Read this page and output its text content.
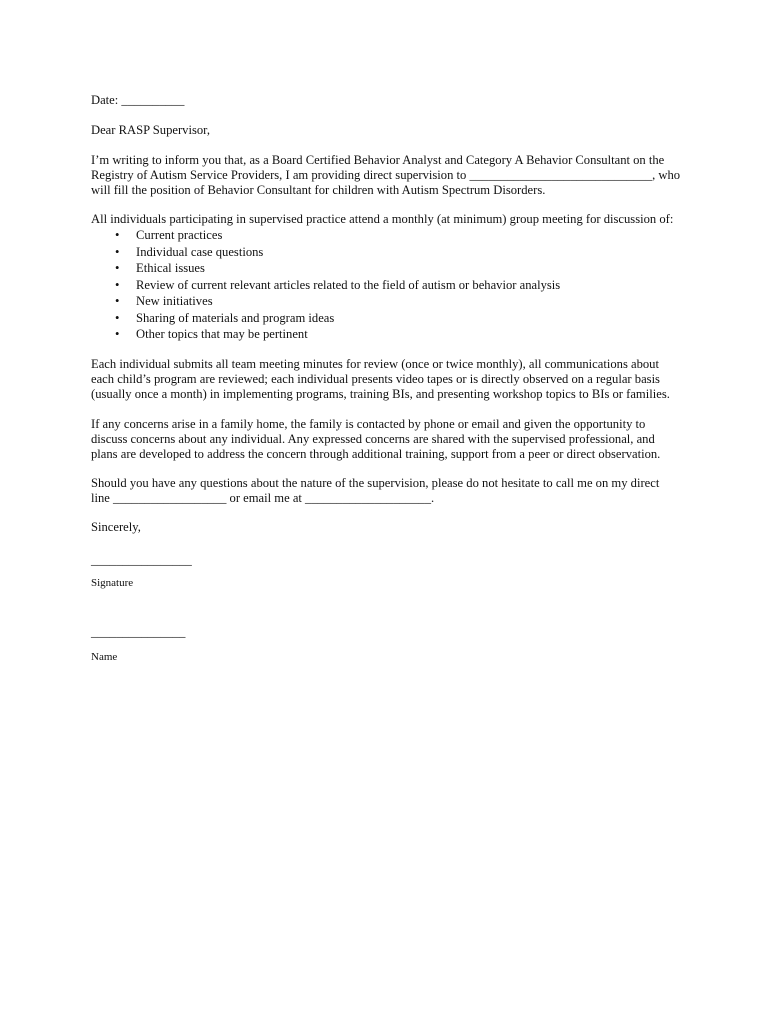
Date: __________
Dear RASP Supervisor,
I’m writing to inform you that, as a Board Certified Behavior Analyst and Category A Behavior Consultant on the
Registry of Autism Service Providers, I am providing direct supervision to _____________________________, who
will fill the position of Behavior Consultant for children with Autism Spectrum Disorders.
All individuals participating in supervised practice attend a monthly (at minimum) group meeting for discussion of:
• Current practices
• Individual case questions
• Ethical issues
• Review of current relevant articles related to the field of autism or behavior analysis
• New initiatives
• Sharing of materials and program ideas
• Other topics that may be pertinent
Each individual submits all team meeting minutes for review (once or twice monthly), all communications about
each child’s program are reviewed; each individual presents video tapes or is directly observed on a regular basis
(usually once a month) in implementing programs, training BIs, and presenting workshop topics to BIs or families.
If any concerns arise in a family home, the family is contacted by phone or email and given the opportunity to
discuss concerns about any individual. Any expressed concerns are shared with the supervised professional, and
plans are developed to address the concern through additional training, support from a peer or direct observation.
Should you have any questions about the nature of the supervision, please do not hesitate to call me on my direct
line __________________ or email me at ____________________.
Sincerely,
________________
Signature
_______________
Name
